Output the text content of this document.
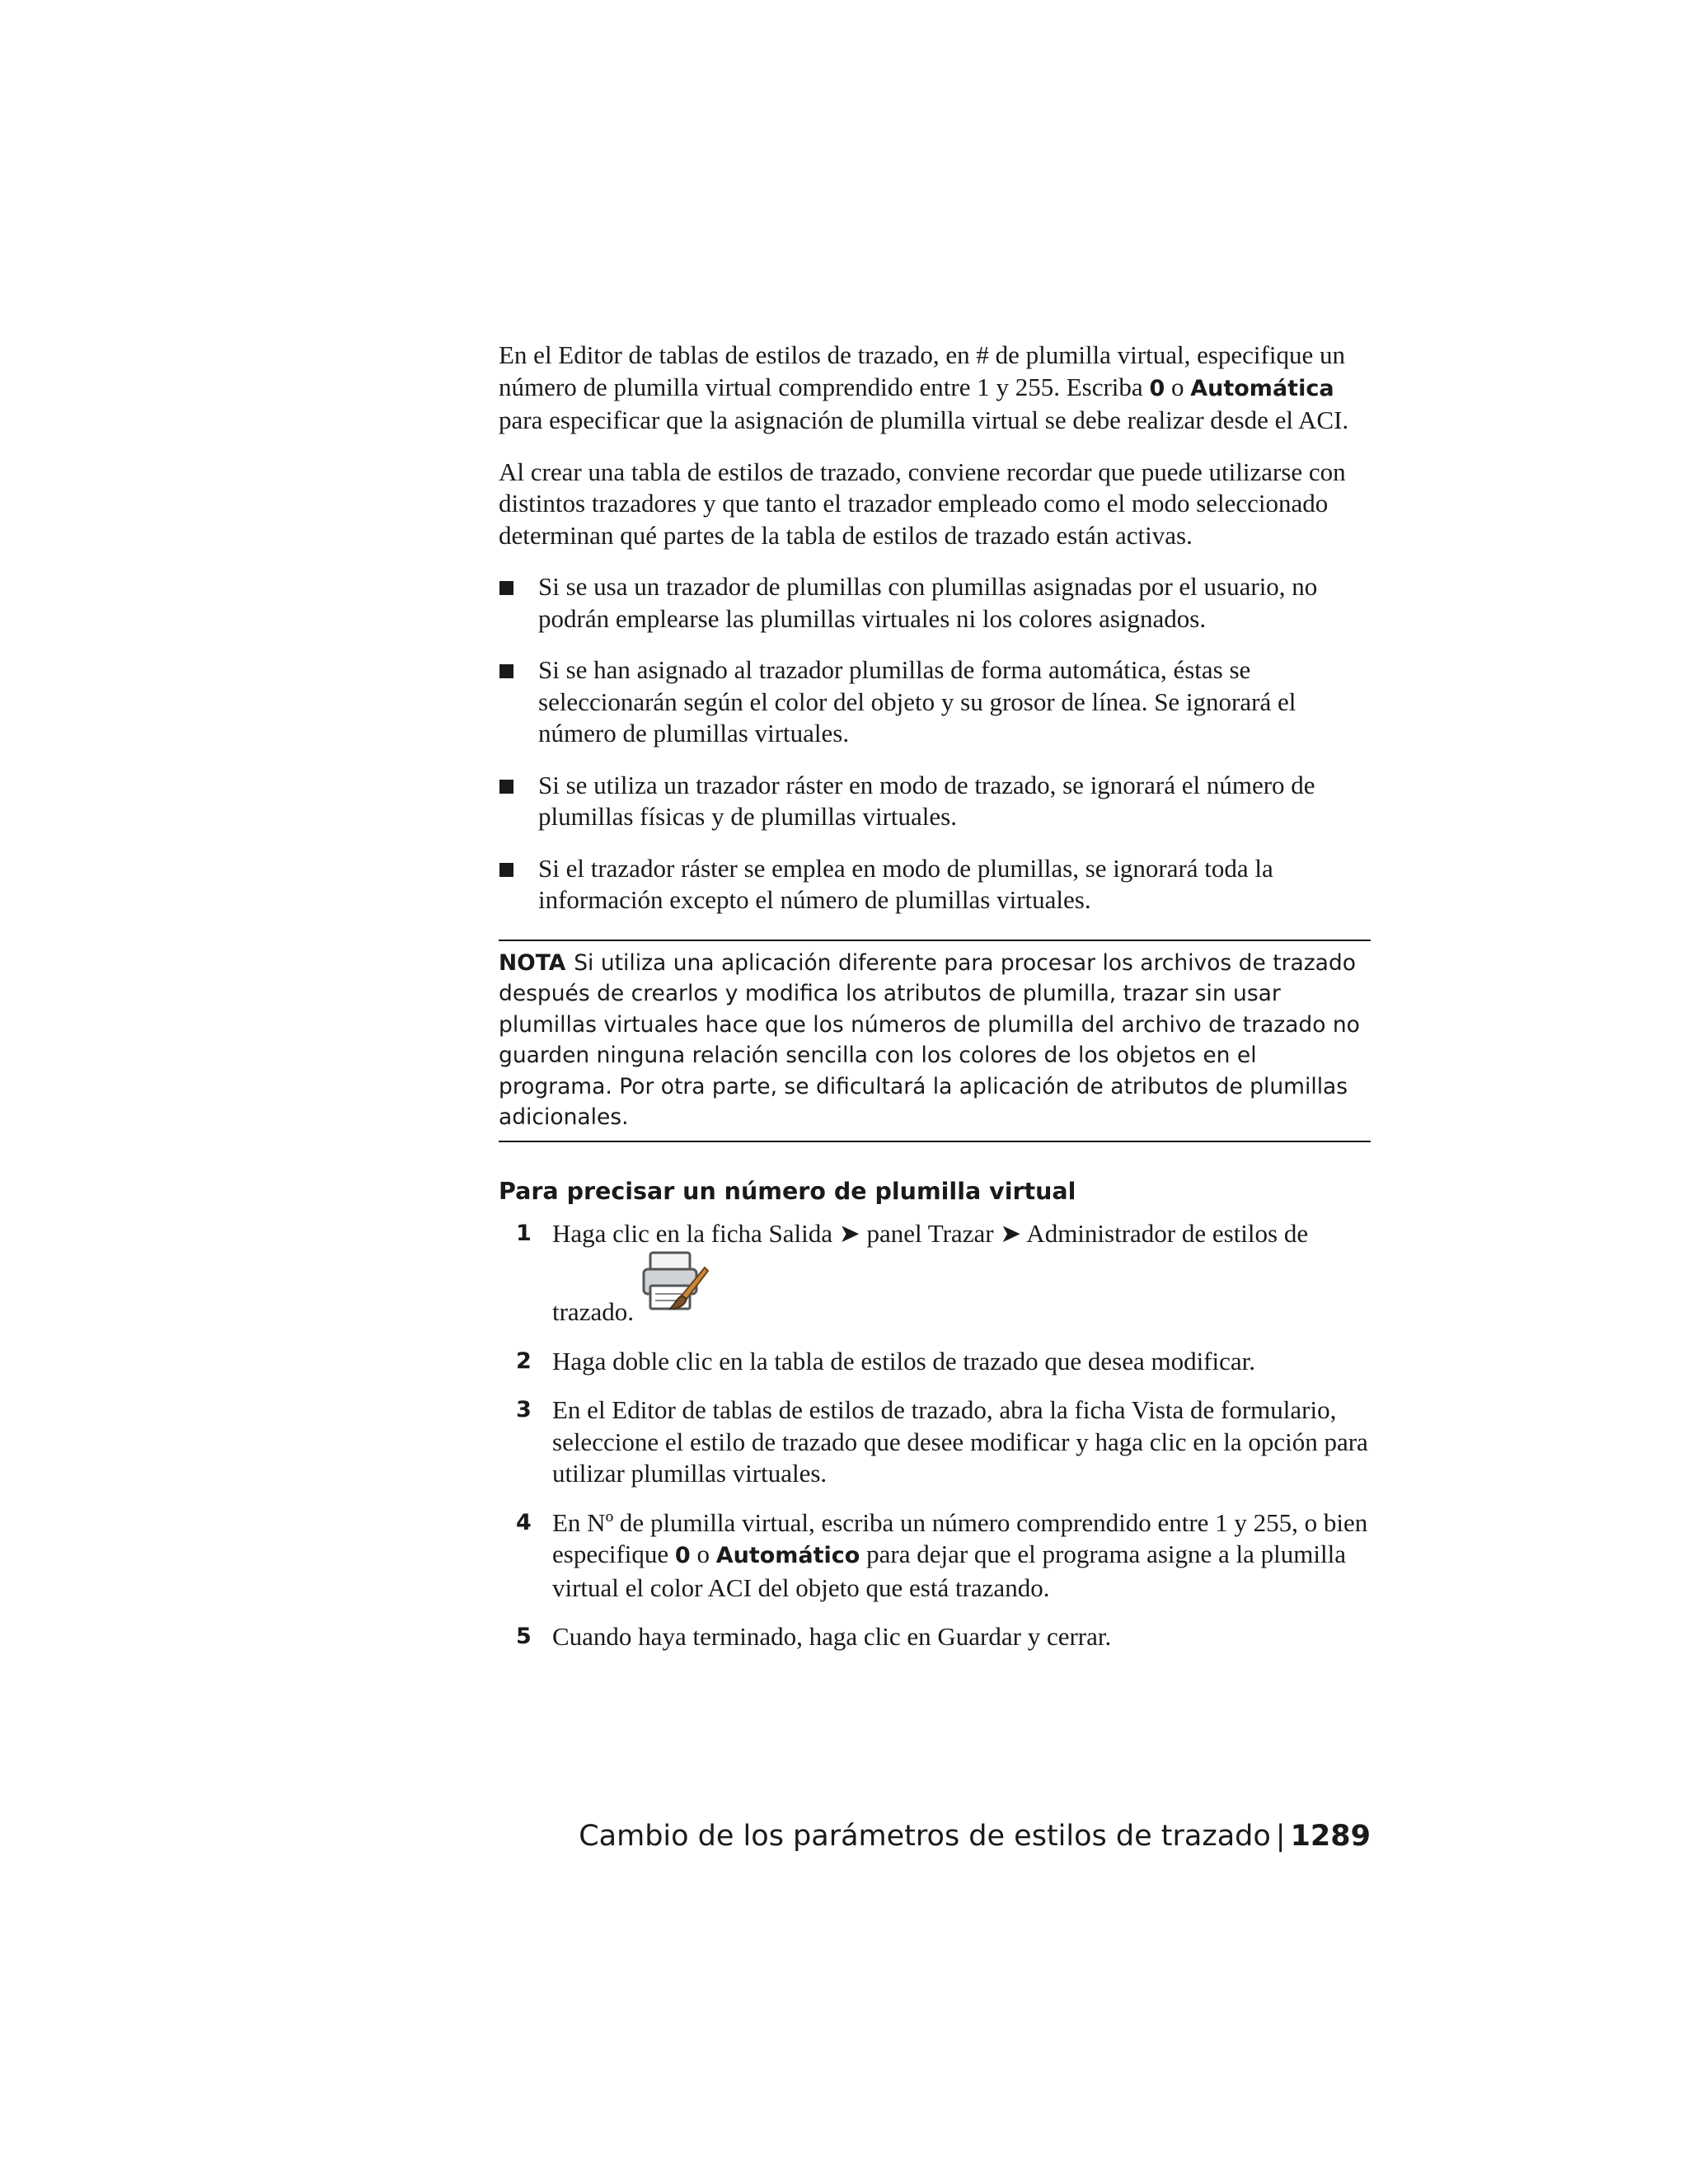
En el Editor de tablas de estilos de trazado, en # de plumilla virtual, especifique un número de plumilla virtual comprendido entre 1 y 255. Escriba 0 o Automática para especificar que la asignación de plumilla virtual se debe realizar desde el ACI.

Al crear una tabla de estilos de trazado, conviene recordar que puede utilizarse con distintos trazadores y que tanto el trazador empleado como el modo seleccionado determinan qué partes de la tabla de estilos de trazado están activas.

Si se usa un trazador de plumillas con plumillas asignadas por el usuario, no podrán emplearse las plumillas virtuales ni los colores asignados.
Si se han asignado al trazador plumillas de forma automática, éstas se seleccionarán según el color del objeto y su grosor de línea. Se ignorará el número de plumillas virtuales.
Si se utiliza un trazador ráster en modo de trazado, se ignorará el número de plumillas físicas y de plumillas virtuales.
Si el trazador ráster se emplea en modo de plumillas, se ignorará toda la información excepto el número de plumillas virtuales.
NOTA Si utiliza una aplicación diferente para procesar los archivos de trazado después de crearlos y modifica los atributos de plumilla, trazar sin usar plumillas virtuales hace que los números de plumilla del archivo de trazado no guarden ninguna relación sencilla con los colores de los objetos en el programa. Por otra parte, se dificultará la aplicación de atributos de plumillas adicionales.
Para precisar un número de plumilla virtual
1 Haga clic en la ficha Salida ➤ panel Trazar ➤ Administrador de estilos de
trazado.
2 Haga doble clic en la tabla de estilos de trazado que desea modificar.
3 En el Editor de tablas de estilos de trazado, abra la ficha Vista de formulario, seleccione el estilo de trazado que desee modificar y haga clic en la opción para utilizar plumillas virtuales.
4 En Nº de plumilla virtual, escriba un número comprendido entre 1 y 255, o bien especifique 0 o Automático para dejar que el programa asigne a la plumilla virtual el color ACI del objeto que está trazando.
5 Cuando haya terminado, haga clic en Guardar y cerrar.
Cambio de los parámetros de estilos de trazado | 1289
